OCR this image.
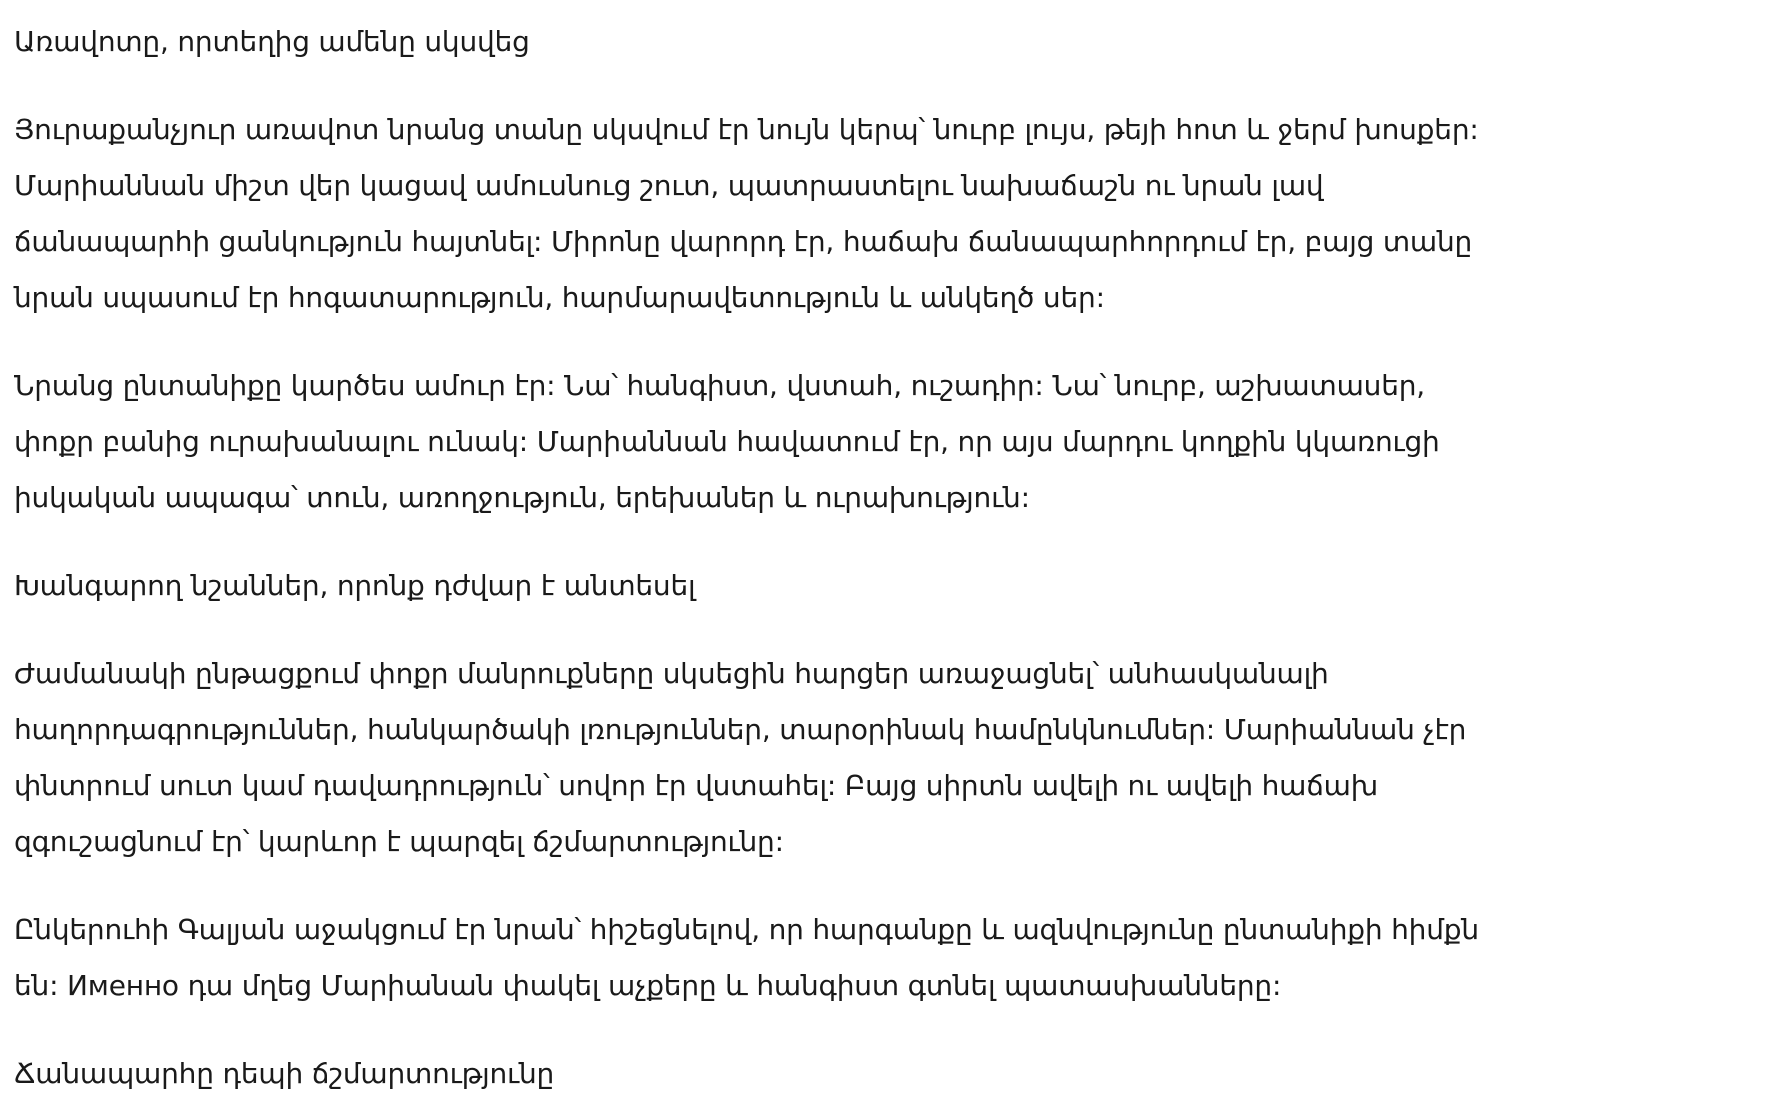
Առավոտը, որտեղից ամենը սկսվեց

Յուրաքանչյուր առավոտ նրանց տանը սկսվում էր նույն կերպ՝ նուրբ լույս, թեյի հոտ և ջերմ խոսքեր:

Մարիաննան միշտ վեր կացավ ամուսնուց շուտ, պատրաստելու նախաճաշն ու նրան լավ

ճանապարհի ցանկություն հայտնել: Միրոնը վարորդ էր, հաճախ ճանապարհորդում էր, բայց տանը

նրան սպասում էր հոգատարություն, հարմարավետություն և անկեղծ սեր:

Նրանց ընտանիքը կարծես ամուր էր: Նա՝ հանգիստ, վստահ, ուշադիր: Նա՝ նուրբ, աշխատասեր,

փոքր բանից ուրախանալու ունակ: Մարիաննան հավատում էր, որ այս մարդու կողքին կկառուցի

իսկական ապագա՝ տուն, առողջություն, երեխաներ և ուրախություն:

Խանգարող նշաններ, որոնք դժվար է անտեսել

Ժամանակի ընթացքում փոքր մանրուքները սկսեցին հարցեր առաջացնել՝ անհասկանալի

հաղորդագրություններ, հանկարծակի լռություններ, տարօրինակ համընկնումներ: Մարիաննան չէր

փնտրում սուտ կամ դավադրություն՝ սովոր էր վստահել: Բայց սիրտն ավելի ու ավելի հաճախ

զգուշացնում էր՝ կարևոր է պարզել ճշմարտությունը:

Ընկերուհի Գալյան աջակցում էր նրան՝ հիշեցնելով, որ հարգանքը և ազնվությունը ընտանիքի հիմքն

են: Именно դա մղեց Մարիանան փակել աչքերը և հանգիստ գտնել պատասխանները:

Ճանապարհը դեպի ճշմարտությունը
